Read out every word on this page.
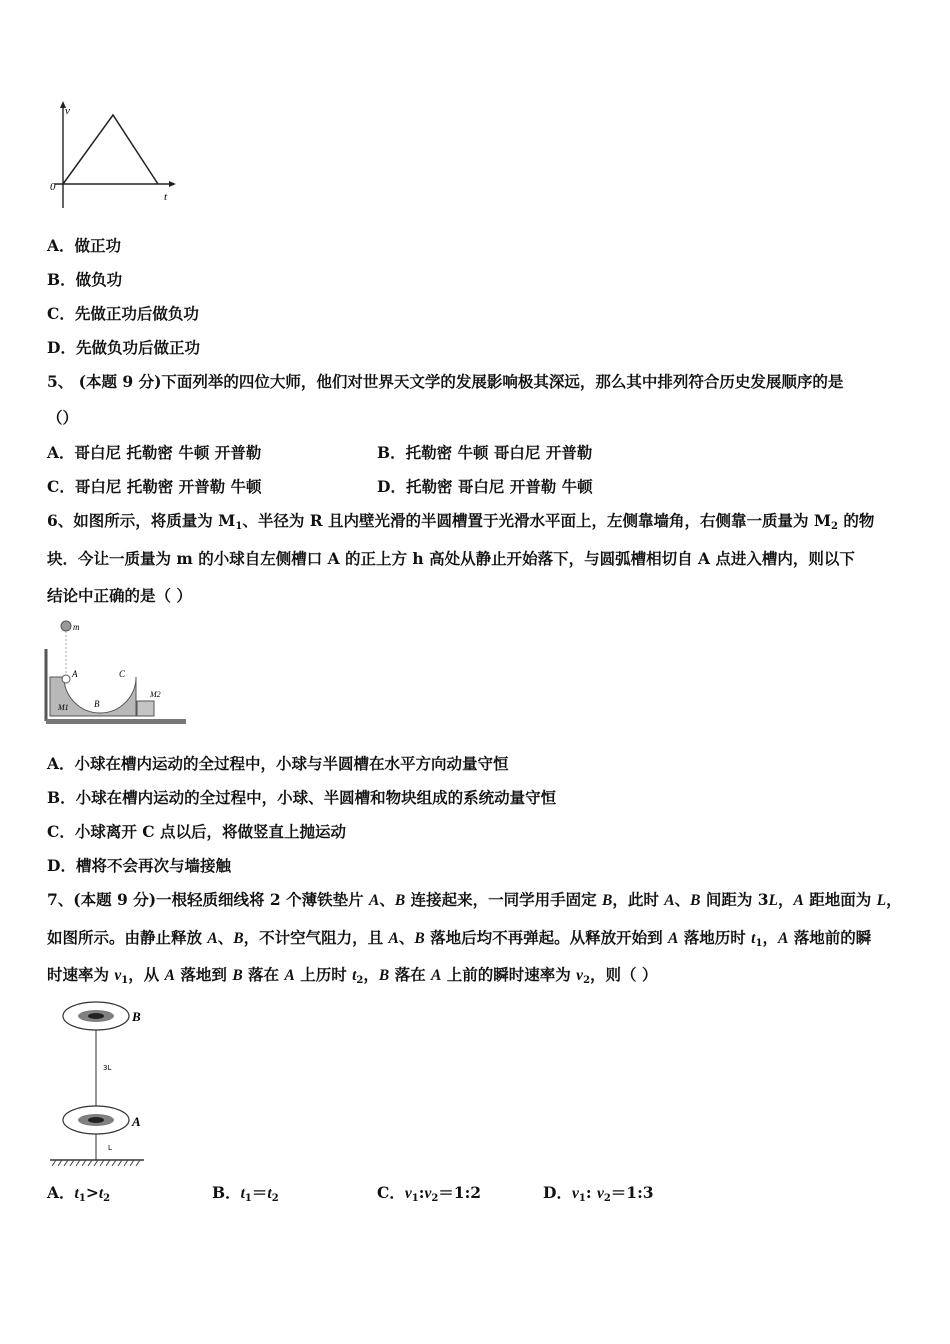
v
t
0
A．做正功
B．做负功
C．先做正功后做负功
D．先做负功后做正功
5、 (本题 9 分)下面列举的四位大师，他们对世界天文学的发展影响极其深远，那么其中排列符合历史发展顺序的是
（）
A．哥白尼 托勒密 牛顿 开普勒	B．托勒密 牛顿 哥白尼 开普勒
C．哥白尼 托勒密 开普勒 牛顿	D．托勒密 哥白尼 开普勒 牛顿
6、如图所示，将质量为 $M_1$、半径为 R 且内壁光滑的半圆槽置于光滑水平面上，左侧靠墙角，右侧靠一质量为 $M_2$ 的物
块．今让一质量为 m 的小球自左侧槽口 A 的正上方 h 高处从静止开始落下，与圆弧槽相切自 A 点进入槽内，则以下
结论中正确的是（ ）
m
A
B
C
M1
M2
A．小球在槽内运动的全过程中，小球与半圆槽在水平方向动量守恒
B．小球在槽内运动的全过程中，小球、半圆槽和物块组成的系统动量守恒
C．小球离开 C 点以后，将做竖直上抛运动
D．槽将不会再次与墙接触
7、(本题 9 分)一根轻质细线将 2 个薄铁垫片 A、B 连接起来，一同学用手固定 B，此时 A、B 间距为 3L，A 距地面为 L，
如图所示。由静止释放 A、B，不计空气阻力，且 A、B 落地后均不再弹起。从释放开始到 A 落地历时 $t_1$，A 落地前的瞬
时速率为 $v_1$，从 A 落地到 B 落在 A 上历时 $t_2$，B 落在 A 上前的瞬时速率为 $v_2$，则（ ）
B
A
3L
L
A．$t_1>t_2$	B．$t_1=t_2$	C．$v_1:v_2=1:2$	D．$v_1$: $v_2=1:3$
